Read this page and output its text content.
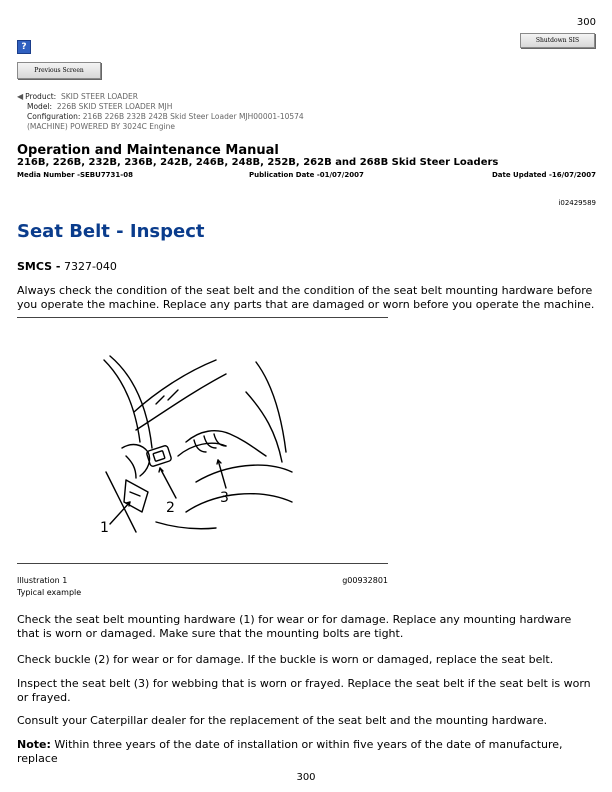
300
Shutdown SIS
?
Previous Screen
◀ Product: SKID STEER LOADER
Model: 226B SKID STEER LOADER MJH
Configuration: 216B 226B 232B 242B Skid Steer Loader MJH00001-10574
(MACHINE) POWERED BY 3024C Engine
Operation and Maintenance Manual
216B, 226B, 232B, 236B, 242B, 246B, 248B, 252B, 262B and 268B Skid Steer Loaders
Media Number -SEBU7731-08	Publication Date -01/07/2007	Date Updated -16/07/2007
i02429589
Seat Belt - Inspect
SMCS - 7327-040
Always check the condition of the seat belt and the condition of the seat belt mounting hardware before you operate the machine. Replace any parts that are damaged or worn before you operate the machine.
1
2
3
Illustration 1	g00932801
Typical example
Check the seat belt mounting hardware (1) for wear or for damage. Replace any mounting hardware that is worn or damaged. Make sure that the mounting bolts are tight.
Check buckle (2) for wear or for damage. If the buckle is worn or damaged, replace the seat belt.
Inspect the seat belt (3) for webbing that is worn or frayed. Replace the seat belt if the seat belt is worn or frayed.
Consult your Caterpillar dealer for the replacement of the seat belt and the mounting hardware.
Note: Within three years of the date of installation or within five years of the date of manufacture, replace
300
